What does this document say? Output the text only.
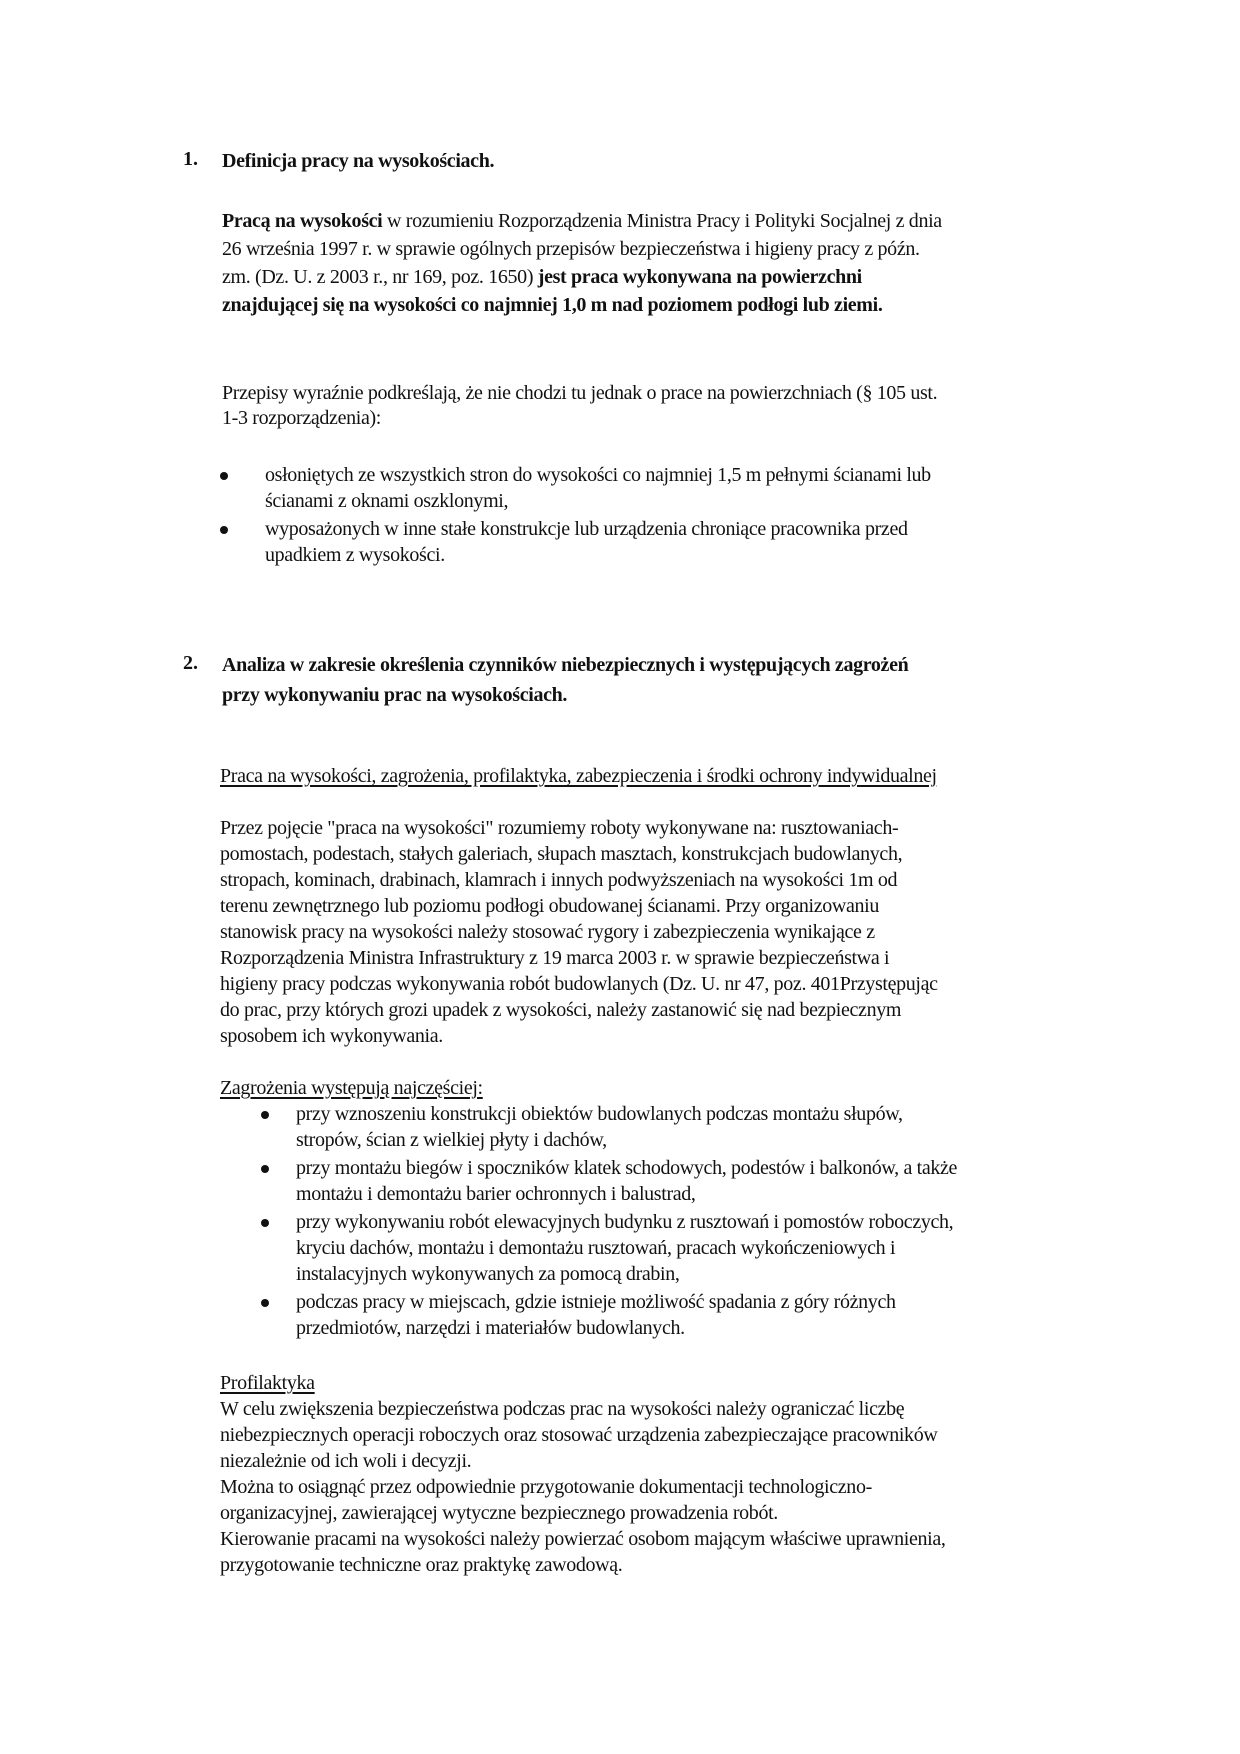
1. Definicja pracy na wysokościach.
Pracą na wysokości w rozumieniu Rozporządzenia Ministra Pracy i Polityki Socjalnej z dnia
26 września 1997 r. w sprawie ogólnych przepisów bezpieczeństwa i higieny pracy z późn.
zm. (Dz. U. z 2003 r., nr 169, poz. 1650) jest praca wykonywana na powierzchni
znajdującej się na wysokości co najmniej 1,0 m nad poziomem podłogi lub ziemi.
Przepisy wyraźnie podkreślają, że nie chodzi tu jednak o prace na powierzchniach (§ 105 ust.
1-3 rozporządzenia):
osłoniętych ze wszystkich stron do wysokości co najmniej 1,5 m pełnymi ścianami lub
ścianami z oknami oszklonymi,
wyposażonych w inne stałe konstrukcje lub urządzenia chroniące pracownika przed
upadkiem z wysokości.
2. Analiza w zakresie określenia czynników niebezpiecznych i występujących zagrożeń
przy wykonywaniu prac na wysokościach.
Praca na wysokości, zagrożenia, profilaktyka, zabezpieczenia i środki ochrony indywidualnej
Przez pojęcie "praca na wysokości" rozumiemy roboty wykonywane na: rusztowaniach-
pomostach, podestach, stałych galeriach, słupach masztach, konstrukcjach budowlanych,
stropach, kominach, drabinach, klamrach i innych podwyższeniach na wysokości 1m od
terenu zewnętrznego lub poziomu podłogi obudowanej ścianami. Przy organizowaniu
stanowisk pracy na wysokości należy stosować rygory i zabezpieczenia wynikające z
Rozporządzenia Ministra Infrastruktury z 19 marca 2003 r. w sprawie bezpieczeństwa i
higieny pracy podczas wykonywania robót budowlanych (Dz. U. nr 47, poz. 401Przystępując
do prac, przy których grozi upadek z wysokości, należy zastanowić się nad bezpiecznym
sposobem ich wykonywania.
Zagrożenia występują najczęściej:
przy wznoszeniu konstrukcji obiektów budowlanych podczas montażu słupów,
stropów, ścian z wielkiej płyty i dachów,
przy montażu biegów i spoczników klatek schodowych, podestów i balkonów, a także
montażu i demontażu barier ochronnych i balustrad,
przy wykonywaniu robót elewacyjnych budynku z rusztowań i pomostów roboczych,
kryciu dachów, montażu i demontażu rusztowań, pracach wykończeniowych i
instalacyjnych wykonywanych za pomocą drabin,
podczas pracy w miejscach, gdzie istnieje możliwość spadania z góry różnych
przedmiotów, narzędzi i materiałów budowlanych.
Profilaktyka
W celu zwiększenia bezpieczeństwa podczas prac na wysokości należy ograniczać liczbę
niebezpiecznych operacji roboczych oraz stosować urządzenia zabezpieczające pracowników
niezależnie od ich woli i decyzji.
Można to osiągnąć przez odpowiednie przygotowanie dokumentacji technologiczno-
organizacyjnej, zawierającej wytyczne bezpiecznego prowadzenia robót.
Kierowanie pracami na wysokości należy powierzać osobom mającym właściwe uprawnienia,
przygotowanie techniczne oraz praktykę zawodową.
